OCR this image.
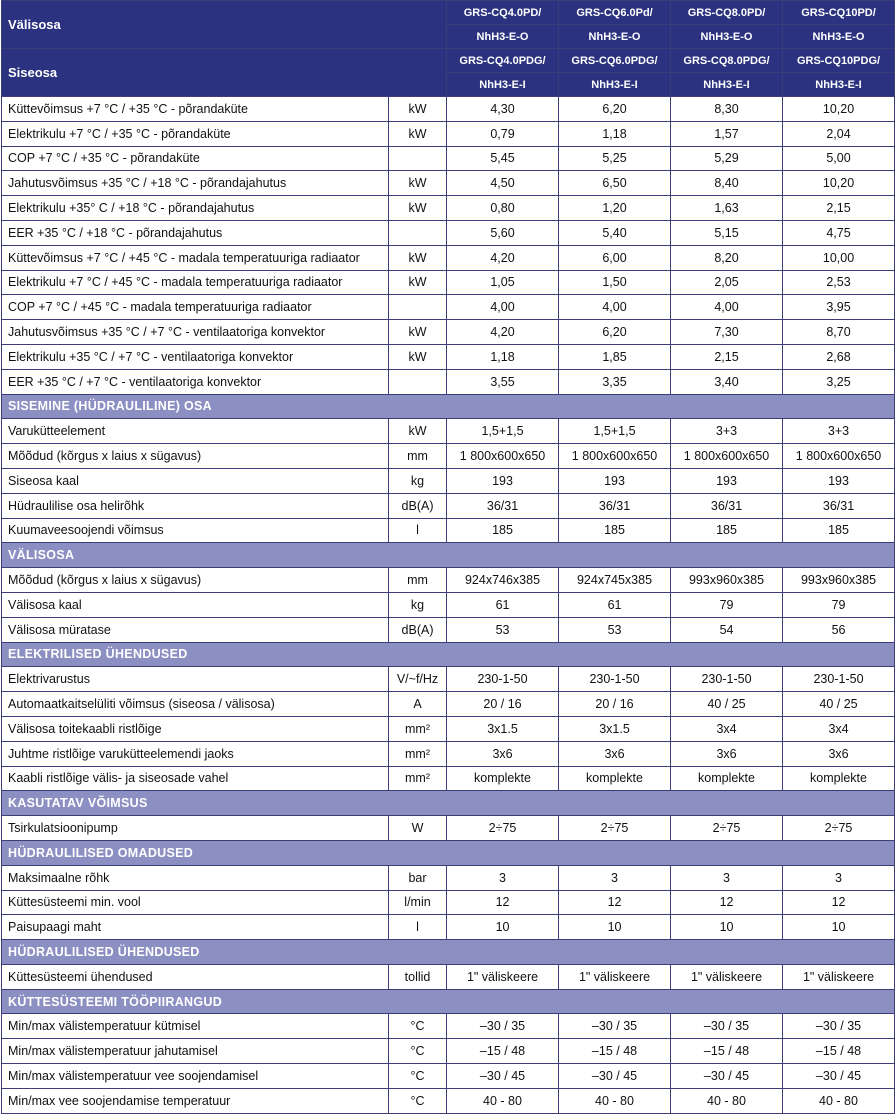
Välisosa		GRS-CQ4.0PD/	GRS-CQ6.0Pd/	GRS-CQ8.0PD/	GRS-CQ10PD/
		NhH3-E-O	NhH3-E-O	NhH3-E-O	NhH3-E-O
Siseosa		GRS-CQ4.0PDG/	GRS-CQ6.0PDG/	GRS-CQ8.0PDG/	GRS-CQ10PDG/
		NhH3-E-I	NhH3-E-I	NhH3-E-I	NhH3-E-I
Küttevõimsus +7 °C / +35 °C - põrandaküte	kW	4,30	6,20	8,30	10,20
Elektrikulu +7 °C / +35 °C - põrandaküte	kW	0,79	1,18	1,57	2,04
COP +7 °C / +35 °C - põrandaküte		5,45	5,25	5,29	5,00
Jahutusvõimsus +35 °C / +18 °C - põrandajahutus	kW	4,50	6,50	8,40	10,20
Elektrikulu +35° C / +18 °C - põrandajahutus	kW	0,80	1,20	1,63	2,15
EER +35 °C / +18 °C - põrandajahutus		5,60	5,40	5,15	4,75
Küttevõimsus +7 °C / +45 °C - madala temperatuuriga radiaator	kW	4,20	6,00	8,20	10,00
Elektrikulu +7 °C / +45 °C - madala temperatuuriga radiaator	kW	1,05	1,50	2,05	2,53
COP +7 °C / +45 °C - madala temperatuuriga radiaator		4,00	4,00	4,00	3,95
Jahutusvõimsus +35 °C / +7 °C - ventilaatoriga konvektor	kW	4,20	6,20	7,30	8,70
Elektrikulu +35 °C / +7 °C - ventilaatoriga konvektor	kW	1,18	1,85	2,15	2,68
EER +35 °C / +7 °C - ventilaatoriga konvektor		3,55	3,35	3,40	3,25
SISEMINE (HÜDRAULILINE) OSA					
Varukütteelement	kW	1,5+1,5	1,5+1,5	3+3	3+3
Mõõdud (kõrgus x laius x sügavus)	mm	1 800x600x650	1 800x600x650	1 800x600x650	1 800x600x650
Siseosa kaal	kg	193	193	193	193
Hüdraulilise osa helirõhk	dB(A)	36/31	36/31	36/31	36/31
Kuumaveesoojendi võimsus	l	185	185	185	185
VÄLISOSA					
Mõõdud (kõrgus x laius x sügavus)	mm	924x746x385	924x745x385	993x960x385	993x960x385
Välisosa kaal	kg	61	61	79	79
Välisosa müratase	dB(A)	53	53	54	56
ELEKTRILISED ÜHENDUSED					
Elektrivarustus	V/~f/Hz	230-1-50	230-1-50	230-1-50	230-1-50
Automaatkaitselüliti võimsus (siseosa / välisosa)	A	20 / 16	20 / 16	40 / 25	40 / 25
Välisosa toitekaabli ristlõige	mm²	3x1.5	3x1.5	3x4	3x4
Juhtme ristlõige varukütteelemendi jaoks	mm²	3x6	3x6	3x6	3x6
Kaabli ristlõige välis- ja siseosade vahel	mm²	komplekte	komplekte	komplekte	komplekte
KASUTATAV VÕIMSUS					
Tsirkulatsioonipump	W	2÷75	2÷75	2÷75	2÷75
HÜDRAULILISED OMADUSED					
Maksimaalne rõhk	bar	3	3	3	3
Küttesüsteemi min. vool	l/min	12	12	12	12
Paisupaagi maht	l	10	10	10	10
HÜDRAULILISED ÜHENDUSED					
Küttesüsteemi ühendused	tollid	1" väliskeere	1" väliskeere	1" väliskeere	1" väliskeere
KÜTTESÜSTEEMI TÖÖPIIRANGUD					
Min/max välistemperatuur kütmisel	°C	–30 / 35	–30 / 35	–30 / 35	–30 / 35
Min/max välistemperatuur jahutamisel	°C	–15 / 48	–15 / 48	–15 / 48	–15 / 48
Min/max välistemperatuur vee soojendamisel	°C	–30 / 45	–30 / 45	–30 / 45	–30 / 45
Min/max vee soojendamise temperatuur	°C	40 - 80	40 - 80	40 - 80	40 - 80
